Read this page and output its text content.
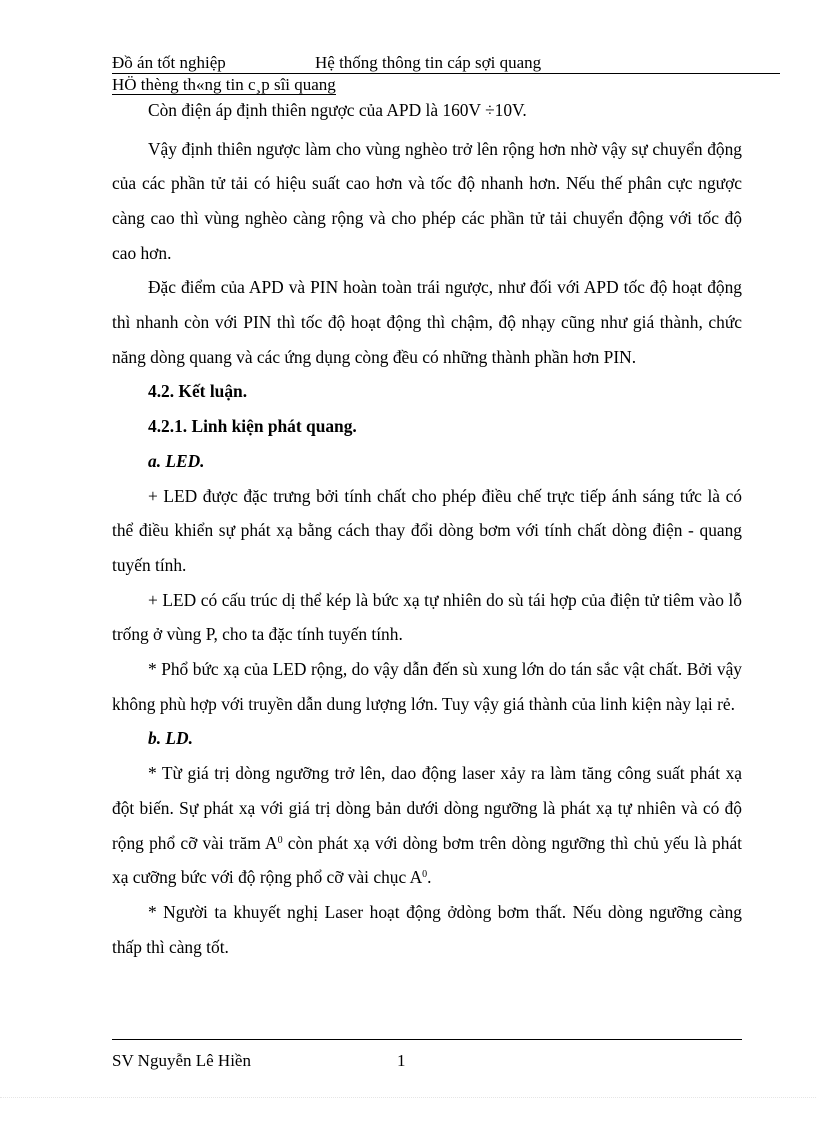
Đồ án tốt nghiệp	Hệ thống thông tin cáp sợi quang
HÖ thèng th«ng tin c¸p sîi quang

Còn điện áp định thiên ngược của APD là 160V ÷10V.

Vậy định thiên ngược làm cho vùng nghèo trở lên rộng hơn nhờ vậy sự chuyển động của các phần tử tải có hiệu suất cao hơn và tốc độ nhanh hơn. Nếu thế phân cực ngược càng cao thì vùng nghèo càng rộng và cho phép các phần tử tải chuyển động với tốc độ cao hơn.

Đặc điểm của APD và PIN hoàn toàn trái ngược, như đối với APD tốc độ hoạt động thì nhanh còn với PIN thì tốc độ hoạt động thì chậm, độ nhạy cũng như giá thành, chức năng dòng quang và các ứng dụng còng đều có những thành phần hơn PIN.

4.2. Kết luận.

4.2.1. Linh kiện phát quang.

a. LED.

+ LED được đặc trưng bởi tính chất cho phép điều chế trực tiếp ánh sáng tức là có thể điều khiển sự phát xạ bằng cách thay đổi dòng bơm với tính chất dòng điện - quang tuyến tính.

+ LED có cấu trúc dị thể kép là bức xạ tự nhiên do sù tái hợp của điện tử tiêm vào lỗ trống ở vùng P, cho ta đặc tính tuyến tính.

* Phổ bức xạ của LED rộng, do vậy dẫn đến sù xung lớn do tán sắc vật chất. Bởi vậy không phù hợp với truyền dẫn dung lượng lớn. Tuy vậy giá thành của linh kiện này lại rẻ.

b. LD.

* Từ giá trị dòng ngưỡng trở lên, dao động laser xảy ra làm tăng công suất phát xạ đột biến. Sự phát xạ với giá trị dòng bản dưới dòng ngưỡng là phát xạ tự nhiên và có độ rộng phổ cỡ vài trăm $A^0$ còn phát xạ với dòng bơm trên dòng ngưỡng thì chủ yếu là phát xạ cưỡng bức với độ rộng phổ cỡ vài chục $A^0$.

* Người ta khuyết nghị Laser hoạt động ởdòng bơm thất. Nếu dòng ngưỡng càng thấp thì càng tốt.

SV Nguyễn Lê Hiền	1
